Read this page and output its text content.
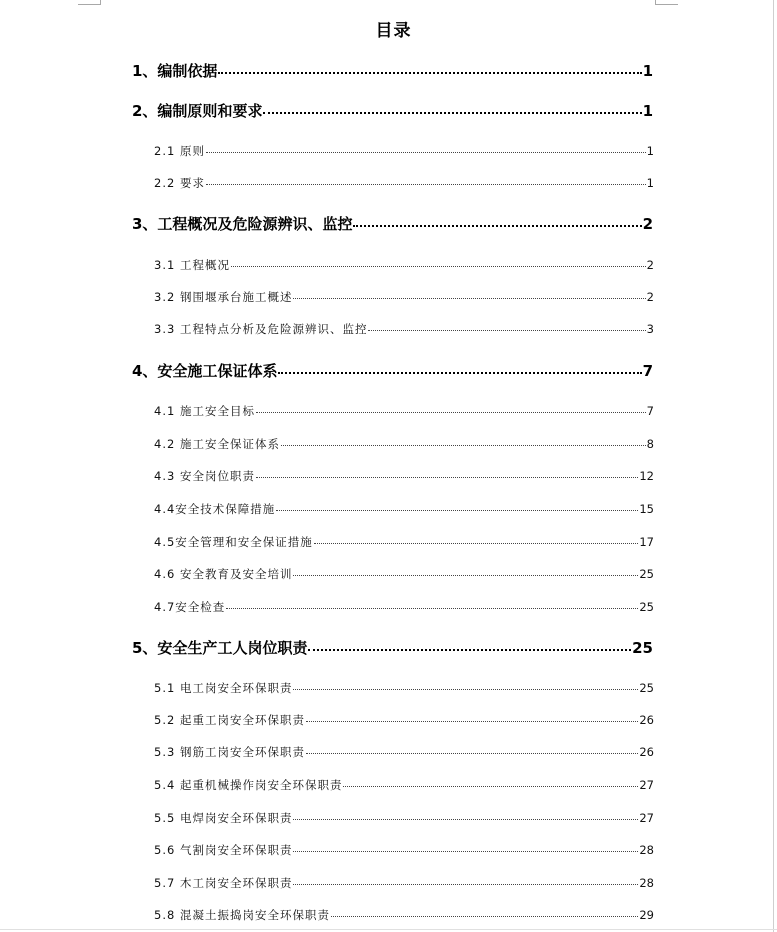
目录
1、编制依据	1
2、编制原则和要求	1
2.1 原则	1
2.2 要求	1
3、工程概况及危险源辨识、监控	2
3.1 工程概况	2
3.2 钢围堰承台施工概述	2
3.3 工程特点分析及危险源辨识、监控	3
4、安全施工保证体系	7
4.1 施工安全目标	7
4.2 施工安全保证体系	8
4.3 安全岗位职责	12
4.4安全技术保障措施	15
4.5安全管理和安全保证措施	17
4.6 安全教育及安全培训	25
4.7安全检查	25
5、安全生产工人岗位职责	25
5.1 电工岗安全环保职责	25
5.2 起重工岗安全环保职责	26
5.3 钢筋工岗安全环保职责	26
5.4 起重机械操作岗安全环保职责	27
5.5 电焊岗安全环保职责	27
5.6 气割岗安全环保职责	28
5.7 木工岗安全环保职责	28
5.8 混凝土振捣岗安全环保职责	29
